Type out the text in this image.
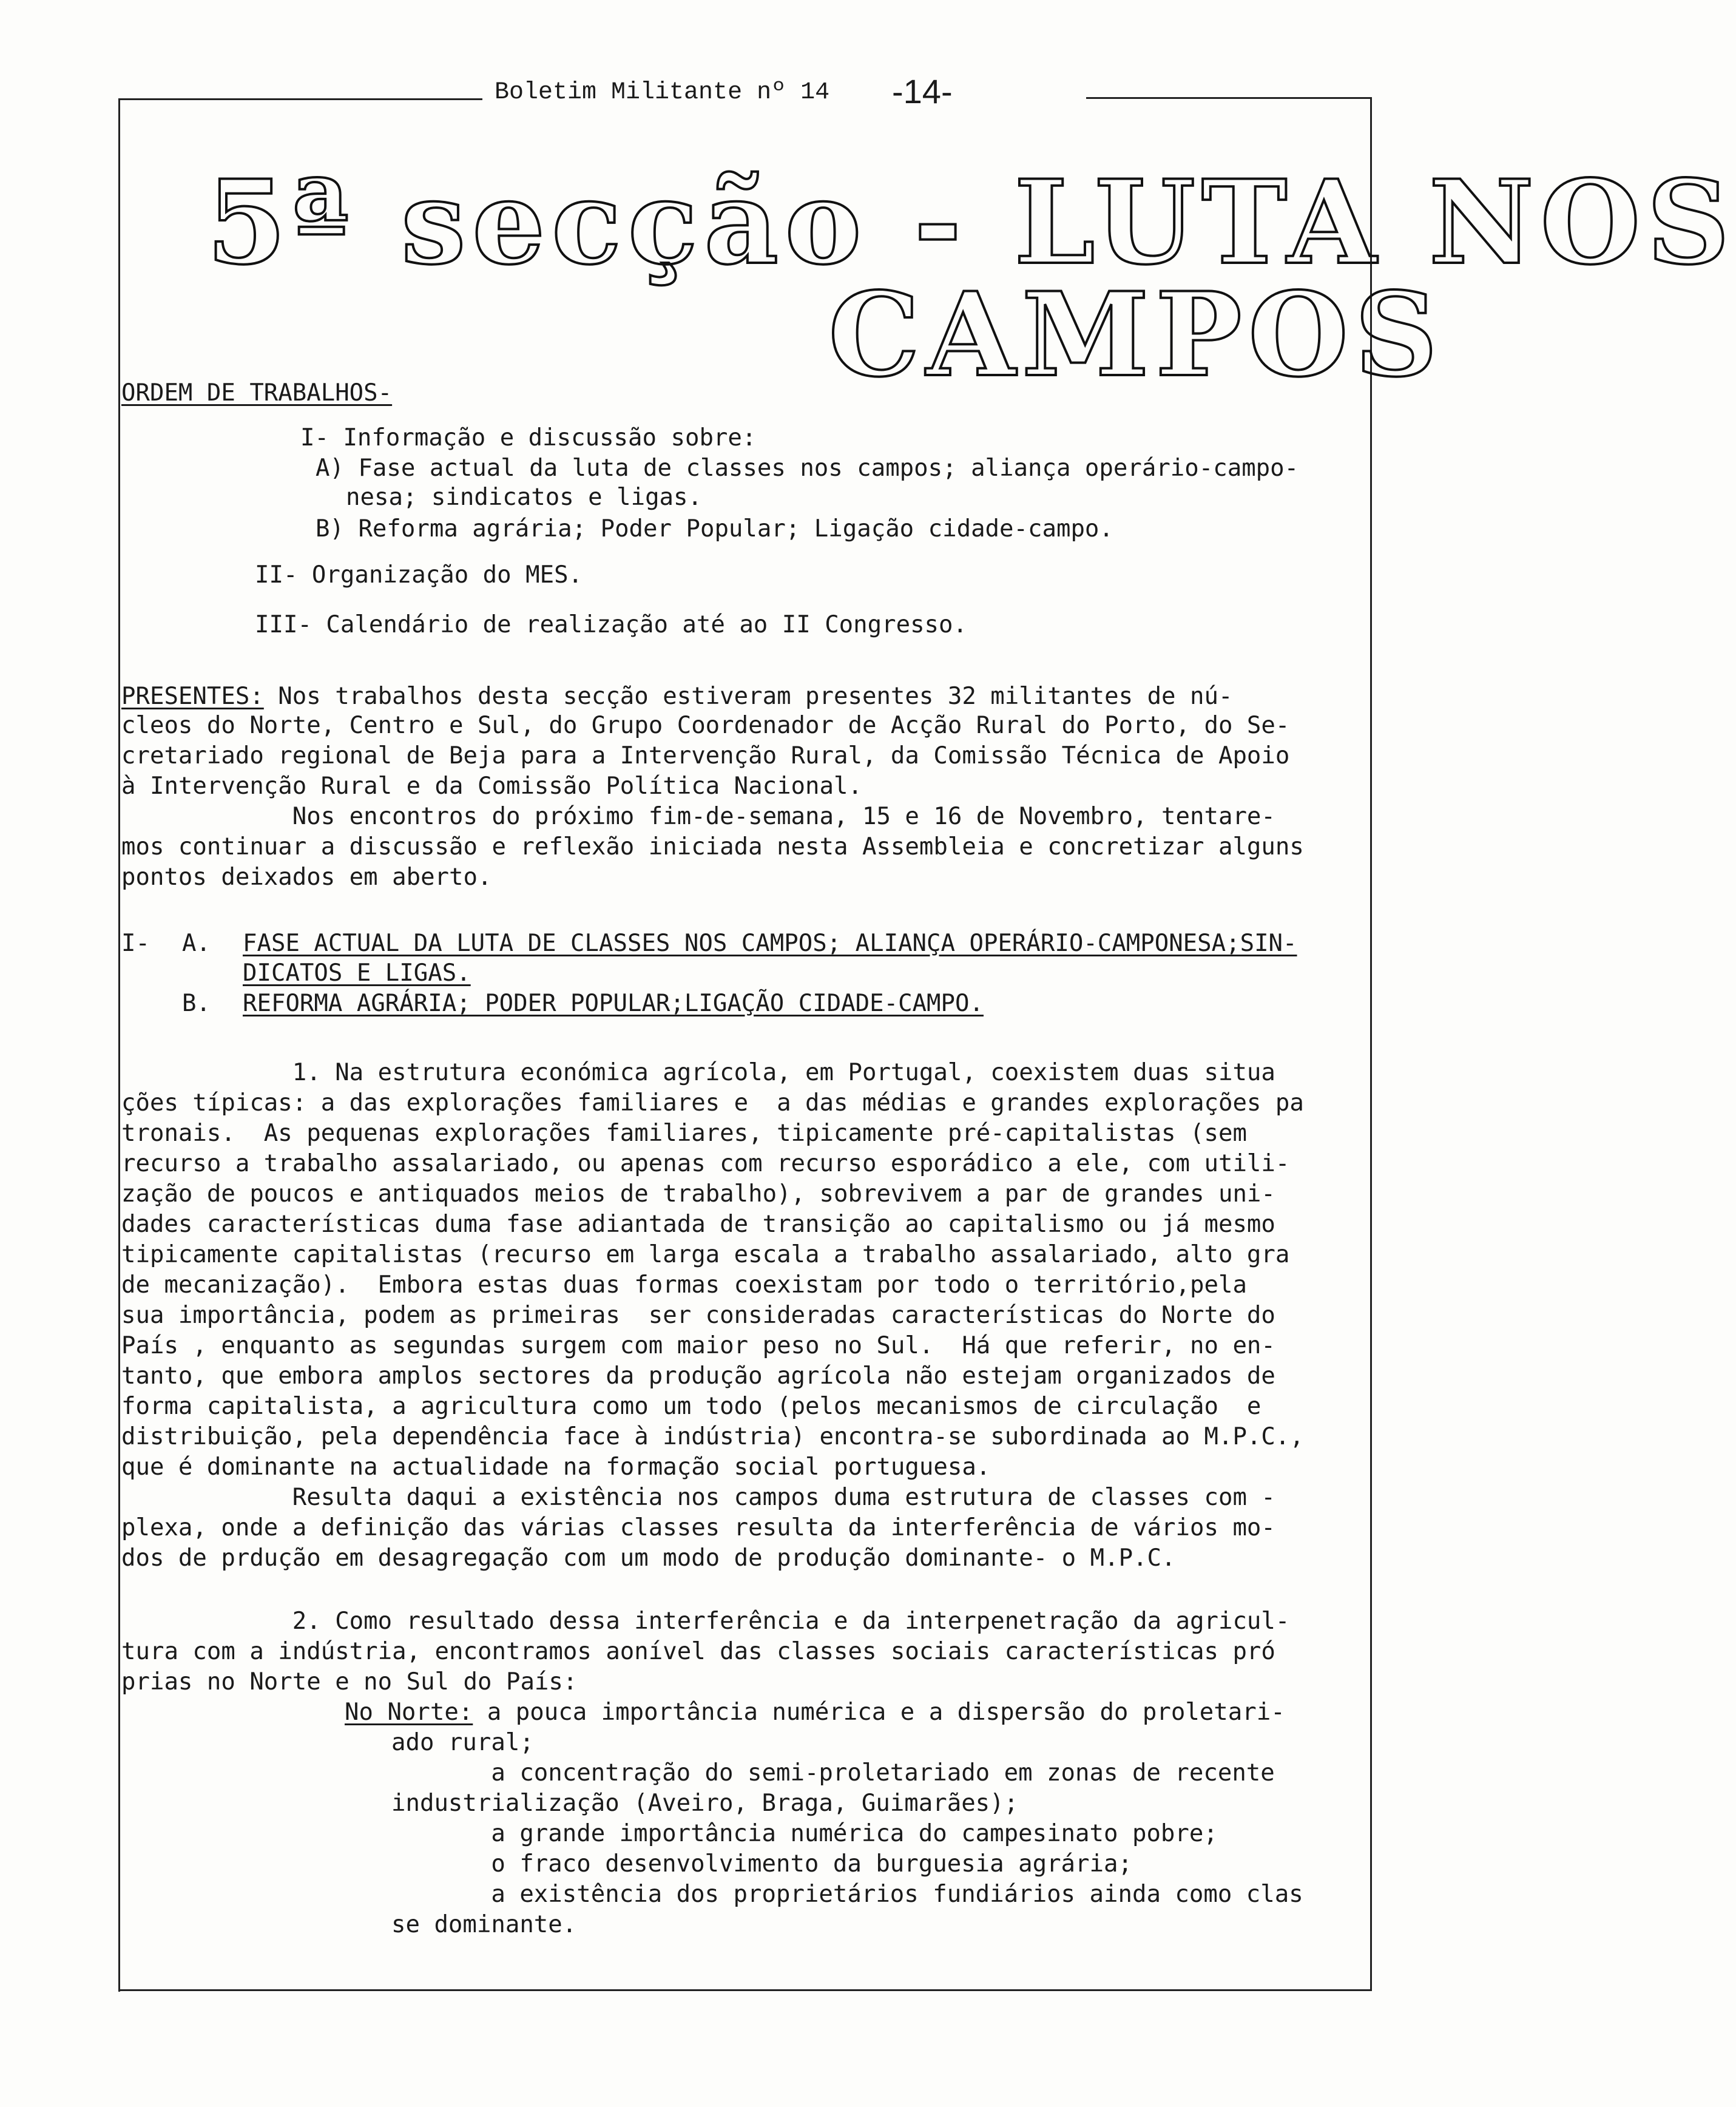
Boletim Militante nº 14 -14-
5ª secção - LUTA NOS
CAMPOS
ORDEM DE TRABALHOS-
I- Informação e discussão sobre:
A) Fase actual da luta de classes nos campos; aliança operário-campo-
nesa; sindicatos e ligas.
B) Reforma agrária; Poder Popular; Ligação cidade-campo.
II- Organização do MES.
III- Calendário de realização até ao II Congresso.
PRESENTES: Nos trabalhos desta secção estiveram presentes 32 militantes de nú-
cleos do Norte, Centro e Sul, do Grupo Coordenador de Acção Rural do Porto, do Se-
cretariado regional de Beja para a Intervenção Rural, da Comissão Técnica de Apoio
à Intervenção Rural e da Comissão Política Nacional.
Nos encontros do próximo fim-de-semana, 15 e 16 de Novembro, tentare-
mos continuar a discussão e reflexão iniciada nesta Assembleia e concretizar alguns
pontos deixados em aberto.
I- A. FASE ACTUAL DA LUTA DE CLASSES NOS CAMPOS; ALIANÇA OPERÁRIO-CAMPONESA;SIN-
DICATOS E LIGAS.
B. REFORMA AGRÁRIA; PODER POPULAR;LIGAÇÃO CIDADE-CAMPO.
1. Na estrutura económica agrícola, em Portugal, coexistem duas situa
ções típicas: a das explorações familiares e  a das médias e grandes explorações pa
tronais.  As pequenas explorações familiares, tipicamente pré-capitalistas (sem
recurso a trabalho assalariado, ou apenas com recurso esporádico a ele, com utili-
zação de poucos e antiquados meios de trabalho), sobrevivem a par de grandes uni-
dades características duma fase adiantada de transição ao capitalismo ou já mesmo
tipicamente capitalistas (recurso em larga escala a trabalho assalariado, alto gra
de mecanização).  Embora estas duas formas coexistam por todo o território,pela
sua importância, podem as primeiras  ser consideradas características do Norte do
País , enquanto as segundas surgem com maior peso no Sul.  Há que referir, no en-
tanto, que embora amplos sectores da produção agrícola não estejam organizados de
forma capitalista, a agricultura como um todo (pelos mecanismos de circulação  e
distribuição, pela dependência face à indústria) encontra-se subordinada ao M.P.C.,
que é dominante na actualidade na formação social portuguesa.
Resulta daqui a existência nos campos duma estrutura de classes com -
plexa, onde a definição das várias classes resulta da interferência de vários mo-
dos de prdução em desagregação com um modo de produção dominante- o M.P.C.
2. Como resultado dessa interferência e da interpenetração da agricul-
tura com a indústria, encontramos aonível das classes sociais características pró
prias no Norte e no Sul do País:
No Norte: a pouca importância numérica e a dispersão do proletari-
ado rural;
a concentração do semi-proletariado em zonas de recente
industrialização (Aveiro, Braga, Guimarães);
a grande importância numérica do campesinato pobre;
o fraco desenvolvimento da burguesia agrária;
a existência dos proprietários fundiários ainda como clas
se dominante.
